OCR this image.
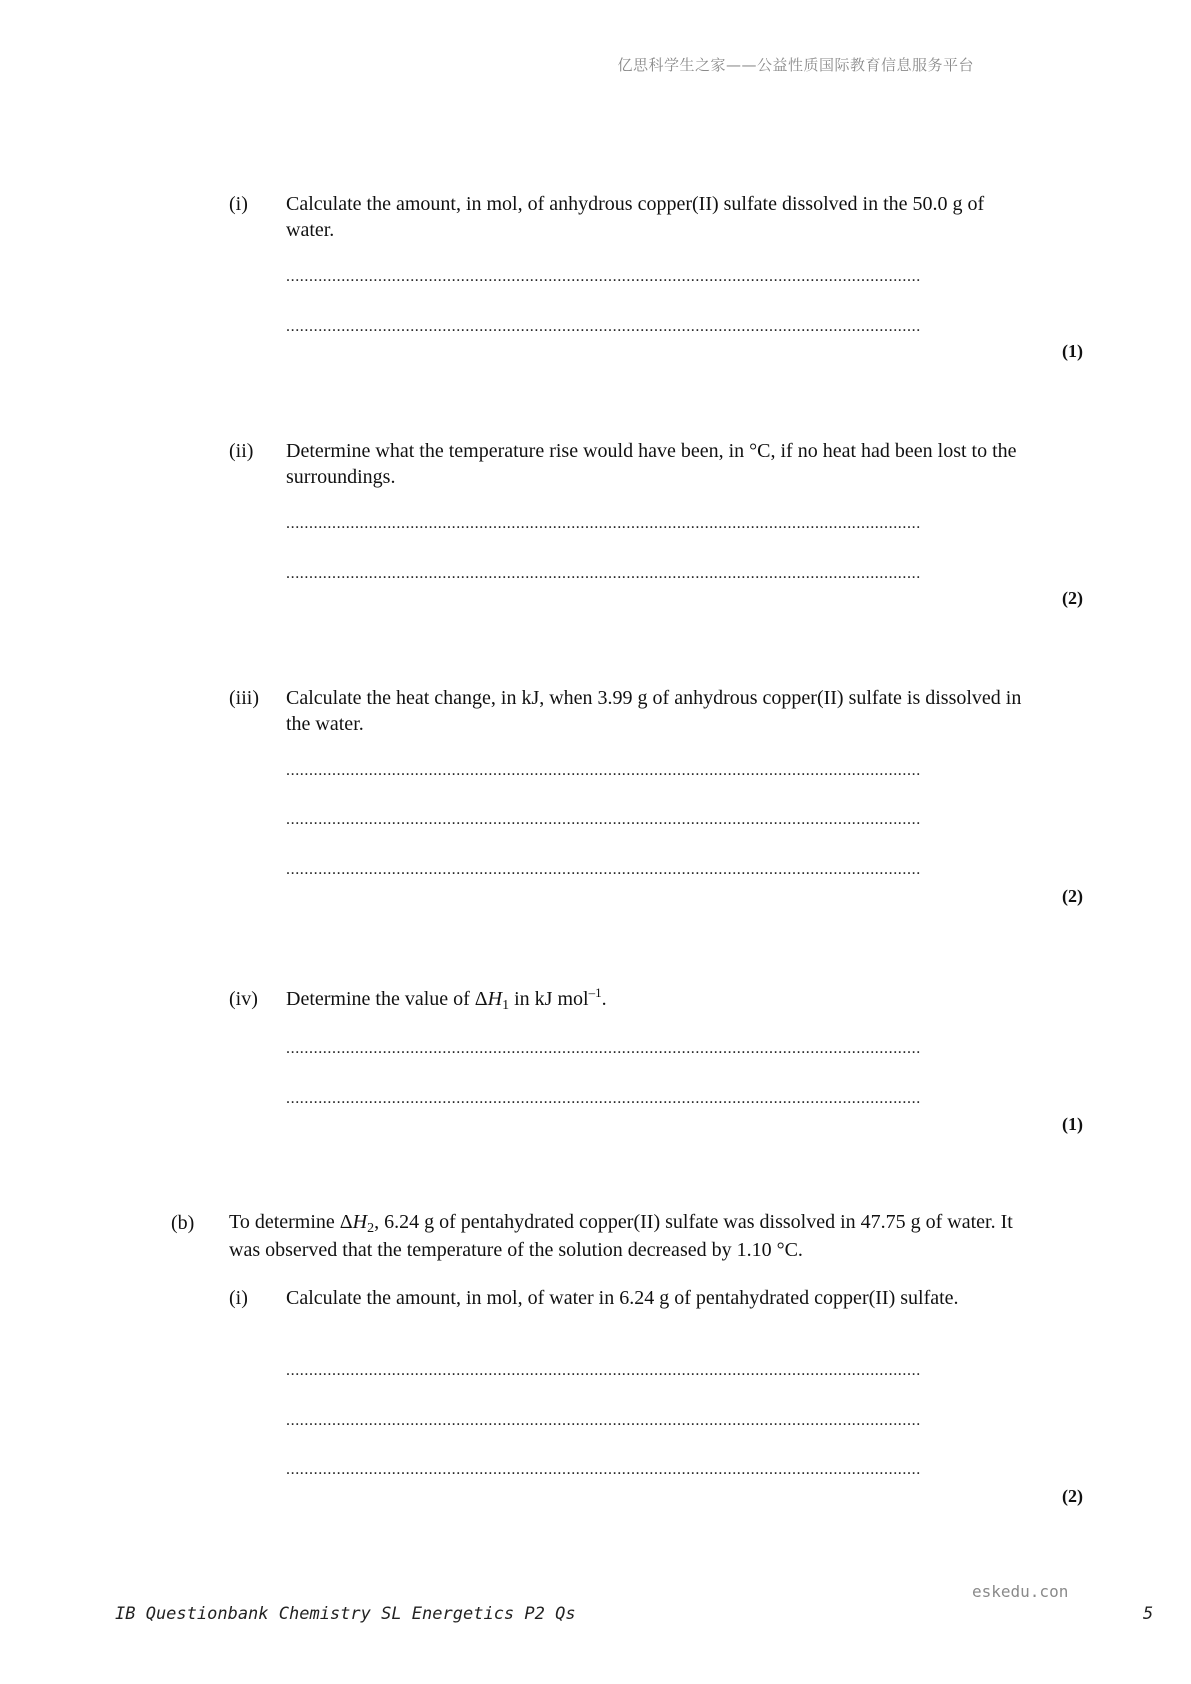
亿思科学生之家——公益性质国际教育信息服务平台
(i) Calculate the amount, in mol, of anhydrous copper(II) sulfate dissolved in the 50.0 g of water.
..........................................................................................................................................
..........................................................................................................................................
(1)
(ii) Determine what the temperature rise would have been, in °C, if no heat had been lost to the surroundings.
..........................................................................................................................................
..........................................................................................................................................
(2)
(iii) Calculate the heat change, in kJ, when 3.99 g of anhydrous copper(II) sulfate is dissolved in the water.
..........................................................................................................................................
..........................................................................................................................................
..........................................................................................................................................
(2)
(iv) Determine the value of $\Delta H_1$ in kJ mol$^{-1}$.
..........................................................................................................................................
..........................................................................................................................................
(1)
(b) To determine $\Delta H_2$, 6.24 g of pentahydrated copper(II) sulfate was dissolved in 47.75 g of water. It was observed that the temperature of the solution decreased by 1.10 °C.
(i) Calculate the amount, in mol, of water in 6.24 g of pentahydrated copper(II) sulfate.
..........................................................................................................................................
..........................................................................................................................................
..........................................................................................................................................
(2)
eskedu.con
IB Questionbank Chemistry SL Energetics P2 Qs	5
